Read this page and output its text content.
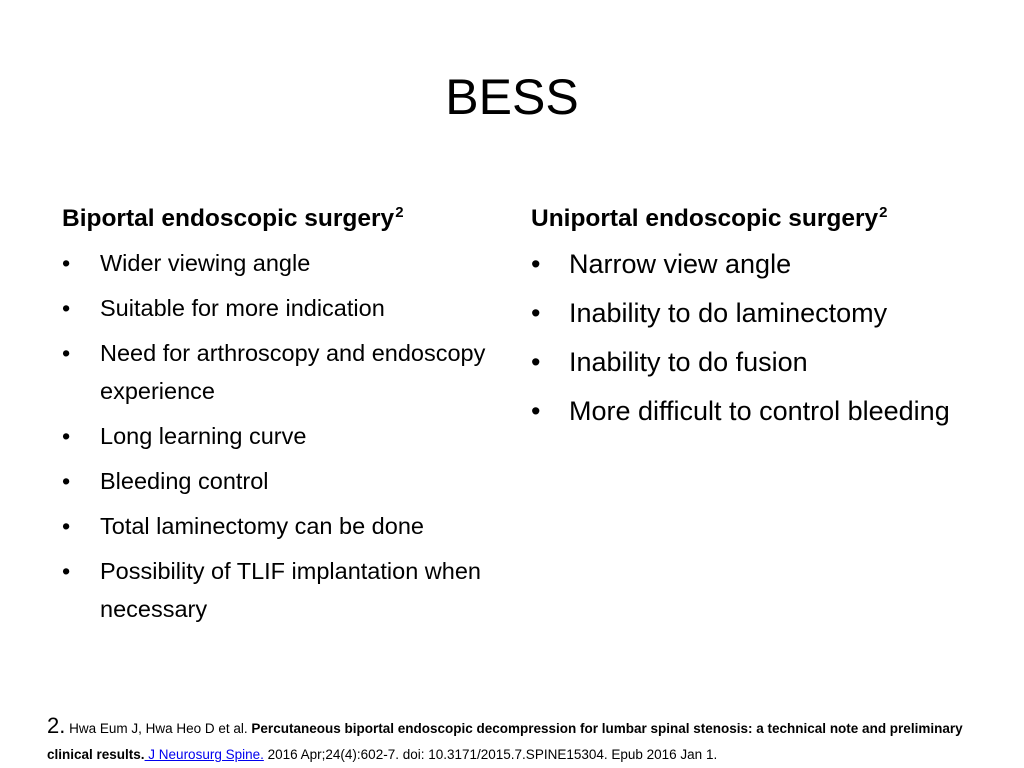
BESS
Biportal endoscopic surgery$^2$
• Wider viewing angle
• Suitable for more indication
• Need for arthroscopy and endoscopy experience
• Long learning curve
• Bleeding control
• Total laminectomy can be done
• Possibility of TLIF implantation when necessary
Uniportal endoscopic surgery$^2$
• Narrow view angle
• Inability to do laminectomy
• Inability to do fusion
• More difficult to control bleeding
2. Hwa Eum J, Hwa Heo D et al. Percutaneous biportal endoscopic decompression for lumbar spinal stenosis: a technical note and preliminary clinical results. J Neurosurg Spine. 2016 Apr;24(4):602-7. doi: 10.3171/2015.7.SPINE15304. Epub 2016 Jan 1.
